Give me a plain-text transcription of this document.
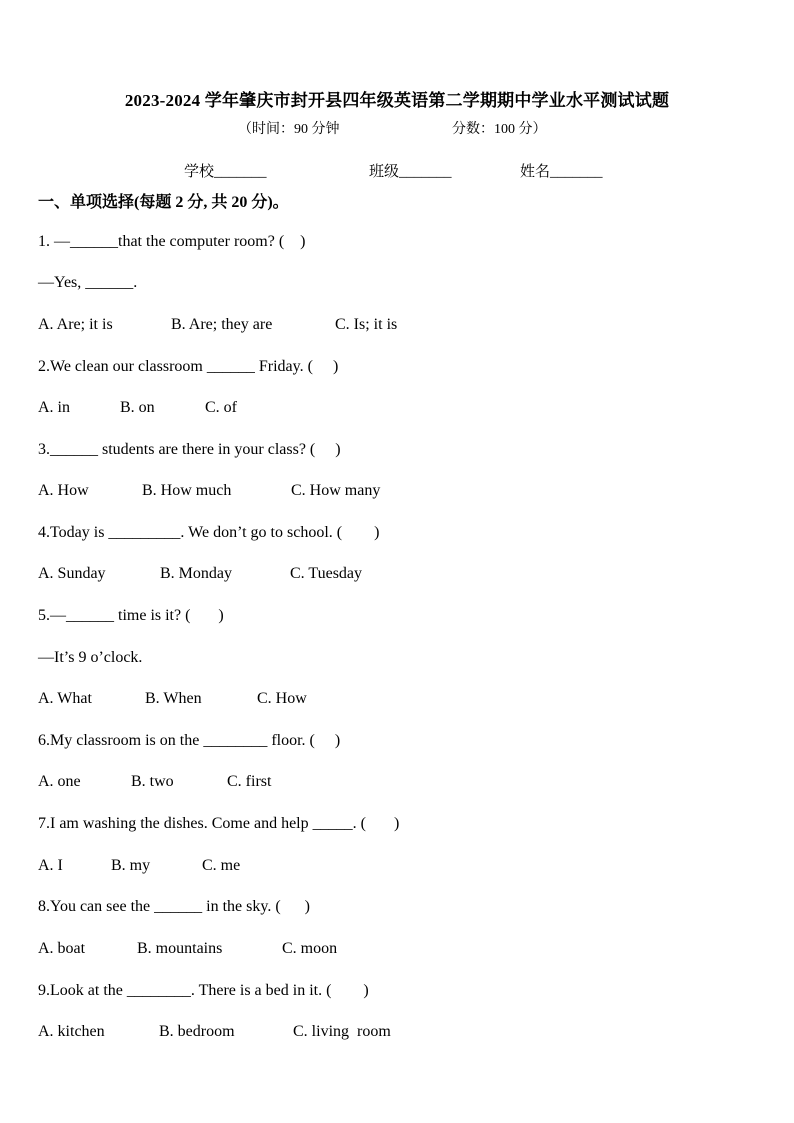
2023-2024 学年肇庆市封开县四年级英语第二学期期中学业水平测试试题
（时间：90 分钟	分数：100 分）
学校_______	班级_______	姓名_______
一、单项选择(每题 2 分, 共 20 分)。
1. —______that the computer room? (    )
—Yes, ______.
A. Are; it is	B. Are; they are	C. Is; it is
2.We clean our classroom ______ Friday. (     )
A. in	B. on	C. of
3.______ students are there in your class? (     )
A. How	B. How much	C. How many
4.Today is _________. We don’t go to school. (        )
A. Sunday	B. Monday	C. Tuesday
5.—______ time is it? (       )
—It’s 9 o’clock.
A. What	B. When	C. How
6.My classroom is on the ________ floor. (     )
A. one	B. two	C. first
7.I am washing the dishes. Come and help _____. (       )
A. I	B. my	C. me
8.You can see the ______ in the sky. (      )
A. boat	B. mountains	C. moon
9.Look at the ________. There is a bed in it. (        )
A. kitchen	B. bedroom	C. living  room
